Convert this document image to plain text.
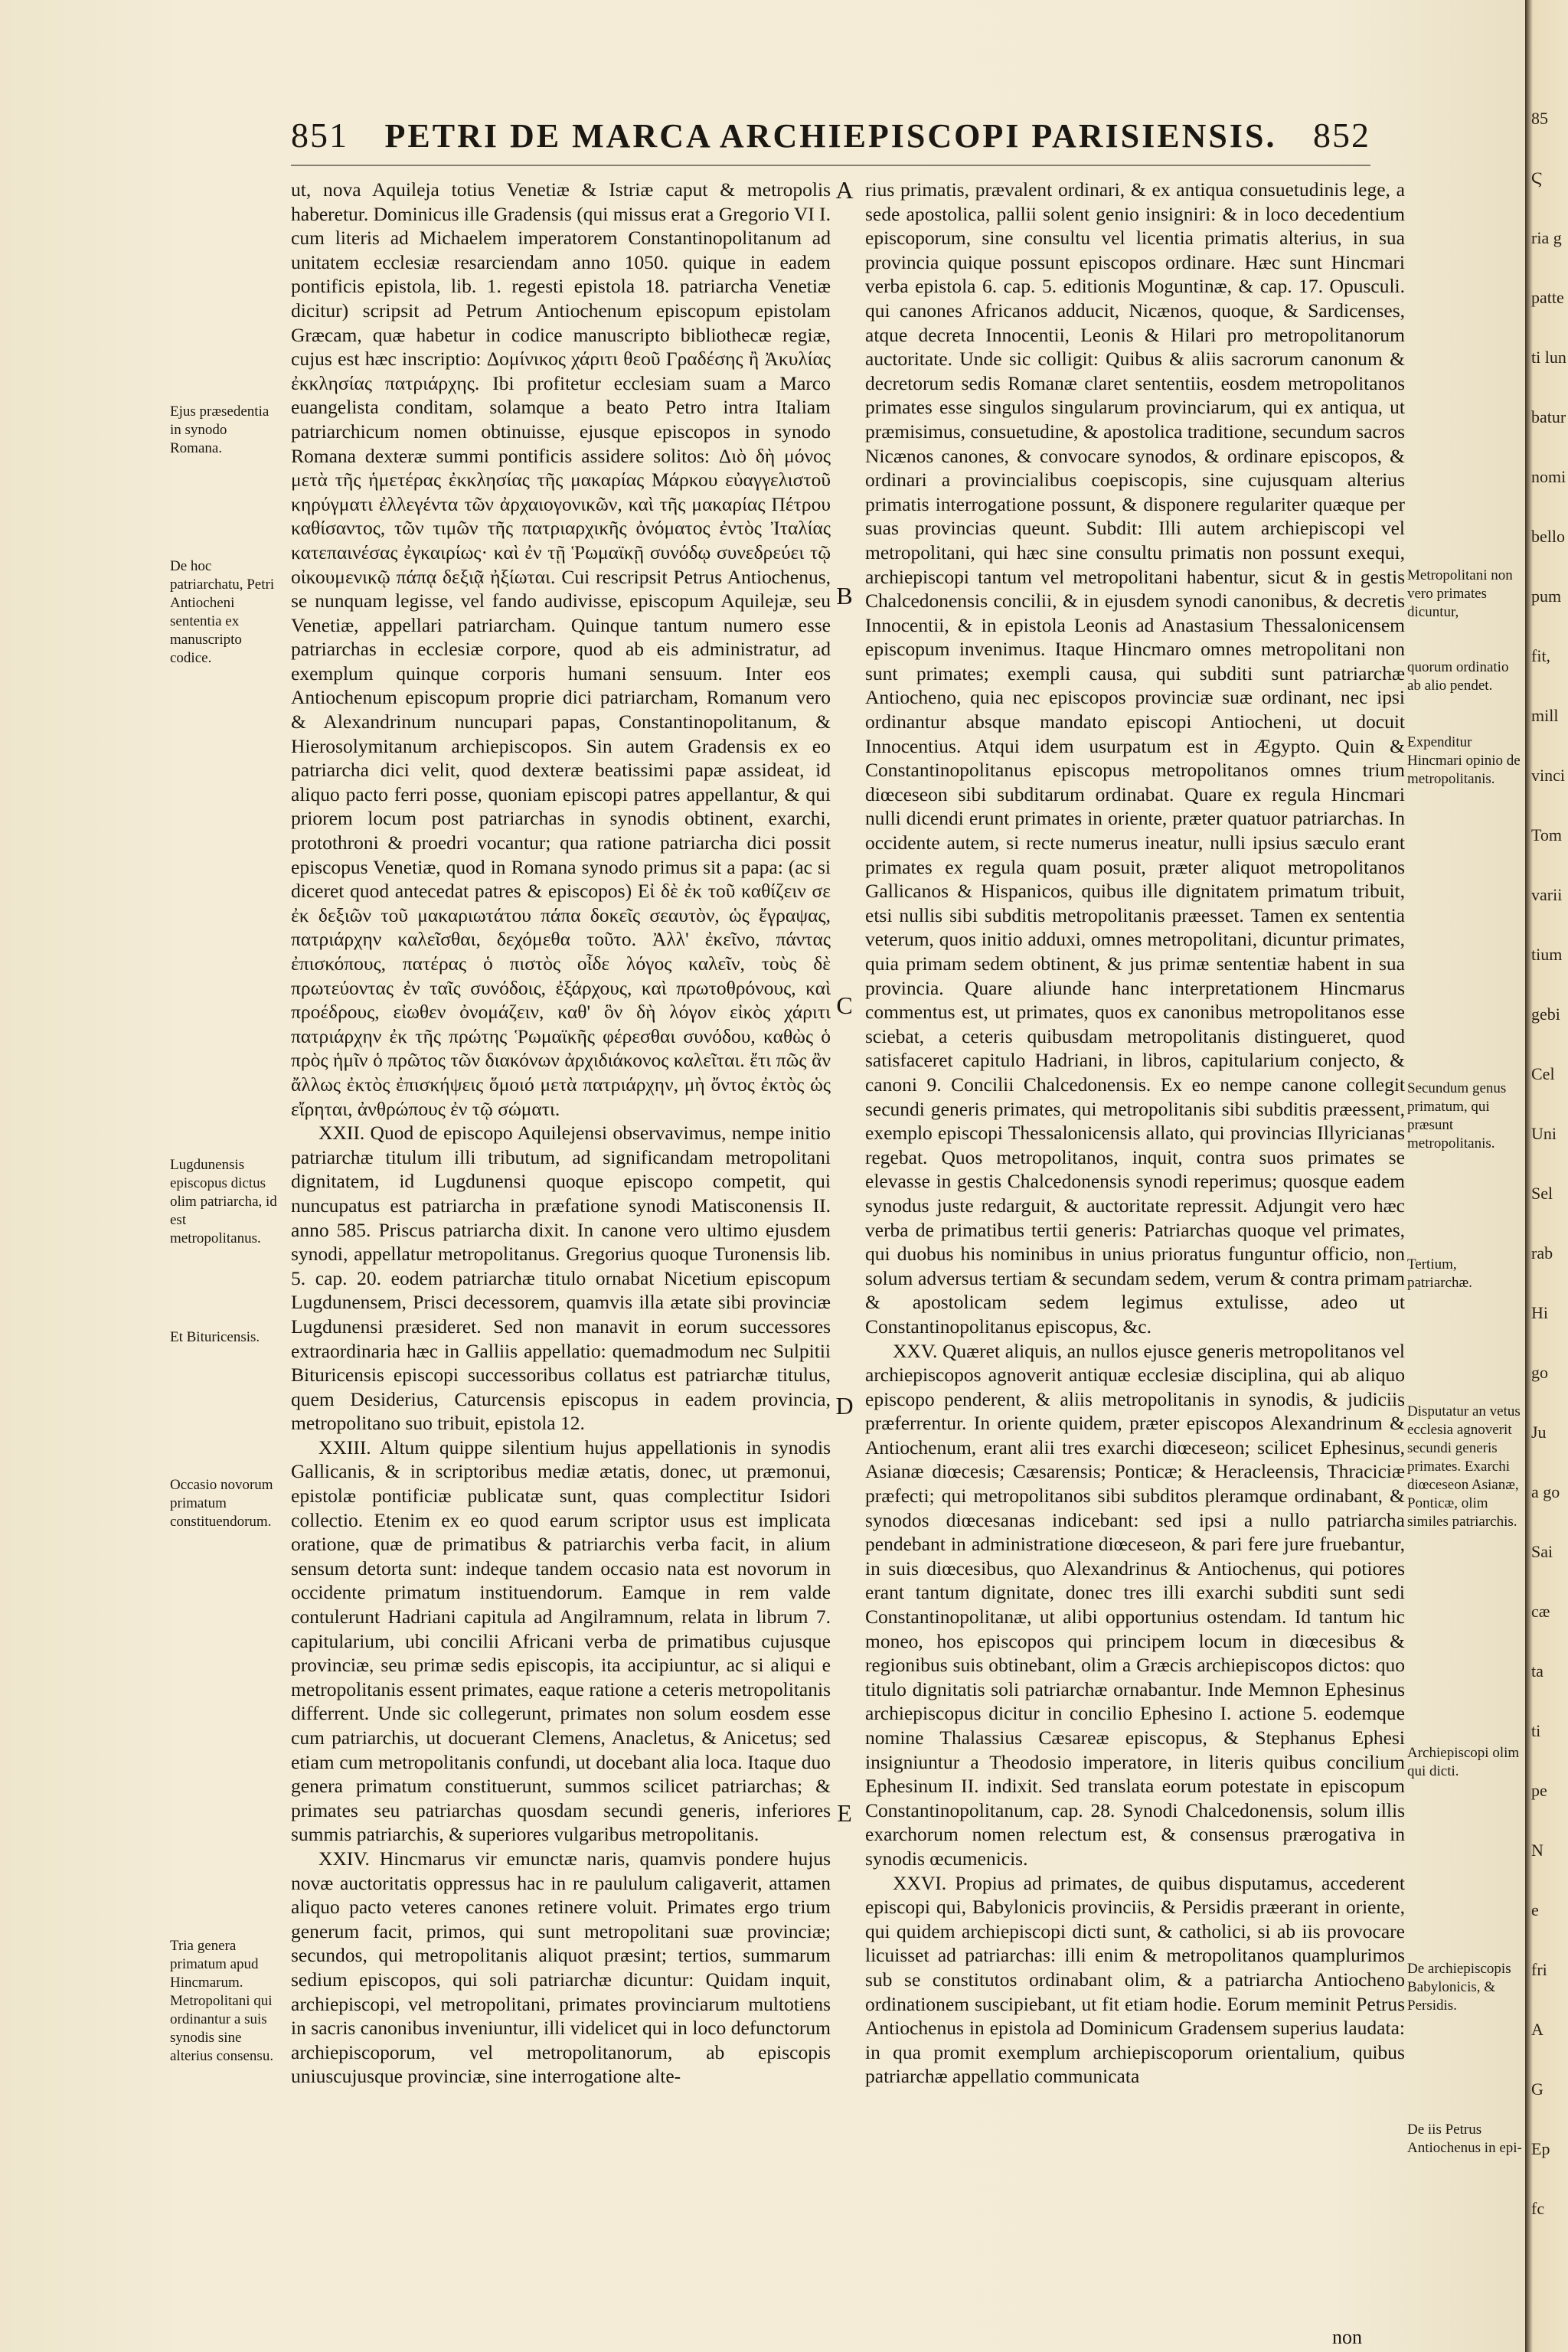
851 PETRI DE MARCA ARCHIEPISCOPI PARISIENSIS. 852
Ejus præsedentia in synodo Romana.
De hoc patriarchatu, Petri Antiocheni sententia ex manuscripto codice.
Lugdunensis episcopus dictus olim patriarcha, id est metropolitanus.
Et Bituricensis.
Occasio novorum primatum constituendorum.
Tria genera primatum apud Hincmarum. Metropolitani qui ordinantur a suis synodis sine alterius consensu.

ut, nova Aquileja totius Venetiæ & Istriæ caput & metropolis haberetur. Dominicus ille Gradensis (qui missus erat a Gregorio VI I. cum literis ad Michaelem imperatorem Constantinopolitanum ad unitatem ecclesiæ resarciendam anno 1050. quique in eadem pontificis epistola, lib. 1. regesti epistola 18. patriarcha Venetiæ dicitur) scripsit ad Petrum Antiochenum episcopum epistolam Græcam, quæ habetur in codice manuscripto bibliothecæ regiæ, cujus est hæc inscriptio: Δομίνικος χάριτι θεοῦ Γραδέσης ἢ Ἀκυλίας ἐκκλησίας πατριάρχης. Ibi profitetur ecclesiam suam a Marco euangelista conditam, solamque a beato Petro intra Italiam patriarchicum nomen obtinuisse, ejusque episcopos in synodo Romana dexteræ summi pontificis assidere solitos: Διὸ δὴ μόνος μετὰ τῆς ἡμετέρας ἐκκλησίας τῆς μακαρίας Μάρκου εὐαγγελιστοῦ κηρύγματι ἐλλεγέντα τῶν ἀρχαιογονικῶν, καὶ τῆς μακαρίας Πέτρου καθίσαντος, τῶν τιμῶν τῆς πατριαρχικῆς ὀνόματος ἐντὸς Ἰταλίας κατεπαινέσας ἐγκαιρίως· καὶ ἐν τῇ Ῥωμαϊκῇ συνόδῳ συνεδρεύει τῷ οἰκουμενικῷ πάπᾳ δεξιᾷ ἠξίωται. Cui rescripsit Petrus Antiochenus, se nunquam legisse, vel fando audivisse, episcopum Aquilejæ, seu Venetiæ, appellari patriarcham. Quinque tantum numero esse patriarchas in ecclesiæ corpore, quod ab eis administratur, ad exemplum quinque corporis humani sensuum. Inter eos Antiochenum episcopum proprie dici patriarcham, Romanum vero & Alexandrinum nuncupari papas, Constantinopolitanum, & Hierosolymitanum archiepiscopos. Sin autem Gradensis ex eo patriarcha dici velit, quod dexteræ beatissimi papæ assideat, id aliquo pacto ferri posse, quoniam episcopi patres appellantur, & qui priorem locum post patriarchas in synodis obtinent, exarchi, protothroni & proedri vocantur; qua ratione patriarcha dici possit episcopus Venetiæ, quod in Romana synodo primus sit a papa: (ac si diceret quod antecedat patres & episcopos) Εἰ δὲ ἐκ τοῦ καθίζειν σε ἐκ δεξιῶν τοῦ μακαριωτάτου πάπα δοκεῖς σεαυτὸν, ὡς ἔγραψας, πατριάρχην καλεῖσθαι, δεχόμεθα τοῦτο. Ἀλλ' ἐκεῖνο, πάντας ἐπισκόπους, πατέρας ὁ πιστὸς οἶδε λόγος καλεῖν, τοὺς δὲ πρωτεύοντας ἐν ταῖς συνόδοις, ἐξάρχους, καὶ πρωτοθρόνους, καὶ προέδρους, εἰωθεν ὀνομάζειν, καθ' ὃν δὴ λόγον εἰκὸς χάριτι πατριάρχην ἐκ τῆς πρώτης Ῥωμαϊκῆς φέρεσθαι συνόδου, καθὼς ὁ πρὸς ἡμῖν ὁ πρῶτος τῶν διακόνων ἀρχιδιάκονος καλεῖται. ἔτι πῶς ἂν ἄλλως ἐκτὸς ἐπισκήψεις ὅμοιό μετὰ πατριάρχην, μὴ ὄντος ἐκτὸς ὡς εἴρηται, ἀνθρώπους ἐν τῷ σώματι.

XXII. Quod de episcopo Aquilejensi observavimus, nempe initio patriarchæ titulum illi tributum, ad significandam metropolitani dignitatem, id Lugdunensi quoque episcopo competit, qui nuncupatus est patriarcha in præfatione synodi Matisconensis II. anno 585. Priscus patriarcha dixit. In canone vero ultimo ejusdem synodi, appellatur metropolitanus. Gregorius quoque Turonensis lib. 5. cap. 20. eodem patriarchæ titulo ornabat Nicetium episcopum Lugdunensem, Prisci decessorem, quamvis illa ætate sibi provinciæ Lugdunensi præsideret. Sed non manavit in eorum successores extraordinaria hæc in Galliis appellatio: quemadmodum nec Sulpitii Bituricensis episcopi successoribus collatus est patriarchæ titulus, quem Desiderius, Caturcensis episcopus in eadem provincia, metropolitano suo tribuit, epistola 12.

XXIII. Altum quippe silentium hujus appellationis in synodis Gallicanis, & in scriptoribus mediæ ætatis, donec, ut præmonui, epistolæ pontificiæ publicatæ sunt, quas complectitur Isidori collectio. Etenim ex eo quod earum scriptor usus est implicata oratione, quæ de primatibus & patriarchis verba facit, in alium sensum detorta sunt: indeque tandem occasio nata est novorum in occidente primatum instituendorum. Eamque in rem valde contulerunt Hadriani capitula ad Angilramnum, relata in librum 7. capitularium, ubi concilii Africani verba de primatibus cujusque provinciæ, seu primæ sedis episcopis, ita accipiuntur, ac si aliqui e metropolitanis essent primates, eaque ratione a ceteris metropolitanis differrent. Unde sic collegerunt, primates non solum eosdem esse cum patriarchis, ut docuerant Clemens, Anacletus, & Anicetus; sed etiam cum metropolitanis confundi, ut docebant alia loca. Itaque duo genera primatum constituerunt, summos scilicet patriarchas; & primates seu patriarchas quosdam secundi generis, inferiores summis patriarchis, & superiores vulgaribus metropolitanis.

XXIV. Hincmarus vir emunctæ naris, quamvis pondere hujus novæ auctoritatis oppressus hac in re paululum caligaverit, attamen aliquo pacto veteres canones retinere voluit. Primates ergo trium generum facit, primos, qui sunt metropolitani suæ provinciæ; secundos, qui metropolitanis aliquot præsint; tertios, summarum sedium episcopos, qui soli patriarchæ dicuntur: Quidam inquit, archiepiscopi, vel metropolitani, primates provinciarum multotiens in sacris canonibus inveniuntur, illi videlicet qui in loco defunctorum archiepiscoporum, vel metropolitanorum, ab episcopis uniuscujusque provinciæ, sine interrogatione alte-

A
B
C
D
E

rius primatis, prævalent ordinari, & ex antiqua consuetudinis lege, a sede apostolica, pallii solent genio insigniri: & in loco decedentium episcoporum, sine consultu vel licentia primatis alterius, in sua provincia quique possunt episcopos ordinare. Hæc sunt Hincmari verba epistola 6. cap. 5. editionis Moguntinæ, & cap. 17. Opusculi. qui canones Africanos adducit, Nicænos, quoque, & Sardicenses, atque decreta Innocentii, Leonis & Hilari pro metropolitanorum auctoritate. Unde sic colligit: Quibus & aliis sacrorum canonum & decretorum sedis Romanæ claret sententiis, eosdem metropolitanos primates esse singulos singularum provinciarum, qui ex antiqua, ut præmisimus, consuetudine, & apostolica traditione, secundum sacros Nicænos canones, & convocare synodos, & ordinare episcopos, & ordinari a provincialibus coepiscopis, sine cujusquam alterius primatis interrogatione possunt, & disponere regulariter quæque per suas provincias queunt. Subdit: Illi autem archiepiscopi vel metropolitani, qui hæc sine consultu primatis non possunt exequi, archiepiscopi tantum vel metropolitani habentur, sicut & in gestis Chalcedonensis concilii, & in ejusdem synodi canonibus, & decretis Innocentii, & in epistola Leonis ad Anastasium Thessalonicensem episcopum invenimus. Itaque Hincmaro omnes metropolitani non sunt primates; exempli causa, qui subditi sunt patriarchæ Antiocheno, quia nec episcopos provinciæ suæ ordinant, nec ipsi ordinantur absque mandato episcopi Antiocheni, ut docuit Innocentius. Atqui idem usurpatum est in Ægypto. Quin & Constantinopolitanus episcopus metropolitanos omnes trium diœceseon sibi subditarum ordinabat. Quare ex regula Hincmari nulli dicendi erunt primates in oriente, præter quatuor patriarchas. In occidente autem, si recte numerus ineatur, nulli ipsius sæculo erant primates ex regula quam posuit, præter aliquot metropolitanos Gallicanos & Hispanicos, quibus ille dignitatem primatum tribuit, etsi nullis sibi subditis metropolitanis præesset. Tamen ex sententia veterum, quos initio adduxi, omnes metropolitani, dicuntur primates, quia primam sedem obtinent, & jus primæ sententiæ habent in sua provincia. Quare aliunde hanc interpretationem Hincmarus commentus est, ut primates, quos ex canonibus metropolitanos esse sciebat, a ceteris quibusdam metropolitanis distingueret, quod satisfaceret capitulo Hadriani, in libros, capitularium conjecto, & canoni 9. Concilii Chalcedonensis. Ex eo nempe canone collegit secundi generis primates, qui metropolitanis sibi subditis præessent, exemplo episcopi Thessalonicensis allato, qui provincias Illyricianas regebat. Quos metropolitanos, inquit, contra suos primates se elevasse in gestis Chalcedonensis synodi reperimus; quosque eadem synodus juste redarguit, & auctoritate repressit. Adjungit vero hæc verba de primatibus tertii generis: Patriarchas quoque vel primates, qui duobus his nominibus in unius prioratus funguntur officio, non solum adversus tertiam & secundam sedem, verum & contra primam & apostolicam sedem legimus extulisse, adeo ut Constantinopolitanus episcopus, &c.

XXV. Quæret aliquis, an nullos ejusce generis metropolitanos vel archiepiscopos agnoverit antiquæ ecclesiæ disciplina, qui ab aliquo episcopo penderent, & aliis metropolitanis in synodis, & judiciis præferrentur. In oriente quidem, præter episcopos Alexandrinum & Antiochenum, erant alii tres exarchi diœceseon; scilicet Ephesinus, Asianæ diœcesis; Cæsarensis; Ponticæ; & Heracleensis, Thraciciæ præfecti; qui metropolitanos sibi subditos pleramque ordinabant, & synodos diœcesanas indicebant: sed ipsi a nullo patriarcha pendebant in administratione diœceseon, & pari fere jure fruebantur, in suis diœcesibus, quo Alexandrinus & Antiochenus, qui potiores erant tantum dignitate, donec tres illi exarchi subditi sunt sedi Constantinopolitanæ, ut alibi opportunius ostendam. Id tantum hic moneo, hos episcopos qui principem locum in diœcesibus & regionibus suis obtinebant, olim a Græcis archiepiscopos dictos: quo titulo dignitatis soli patriarchæ ornabantur. Inde Memnon Ephesinus archiepiscopus dicitur in concilio Ephesino I. actione 5. eodemque nomine Thalassius Cæsareæ episcopus, & Stephanus Ephesi insigniuntur a Theodosio imperatore, in literis quibus concilium Ephesinum II. indixit. Sed translata eorum potestate in episcopum Constantinopolitanum, cap. 28. Synodi Chalcedonensis, solum illis exarchorum nomen relectum est, & consensus prærogativa in synodis œcumenicis.

XXVI. Propius ad primates, de quibus disputamus, accederent episcopi qui, Babylonicis provinciis, & Persidis præerant in oriente, qui quidem archiepiscopi dicti sunt, & catholici, si ab iis provocare licuisset ad patriarchas: illi enim & metropolitanos quamplurimos sub se constitutos ordinabant olim, & a patriarcha Antiocheno ordinationem suscipiebant, ut fit etiam hodie. Eorum meminit Petrus Antiochenus in epistola ad Dominicum Gradensem superius laudata: in qua promit exemplum archiepiscoporum orientalium, quibus patriarchæ appellatio communicata

non
Metropolitani non vero primates dicuntur,
quorum ordinatio ab alio pendet.
Expenditur Hincmari opinio de metropolitanis.
Secundum genus primatum, qui præsunt metropolitanis.
Tertium, patriarchæ.
Disputatur an vetus ecclesia agnoverit secundi generis primates. Exarchi diœceseon Asianæ, Ponticæ, olim similes patriarchis.
Archiepiscopi olim qui dicti.
De archiepiscopis Babylonicis, & Persidis.
De iis Petrus Antiochenus in epi-
85
Ϛ
ria g
patte
ti lun
batur
nomi
bello
pum
fit,
mill
vinci
Tom
varii
tium
gebi
Cel
Uni
Sel
rab
Hi
go
Ju
a go
Sai
cæ
ta
ti
pe
N
e
fri
A
G
Ep
fc
